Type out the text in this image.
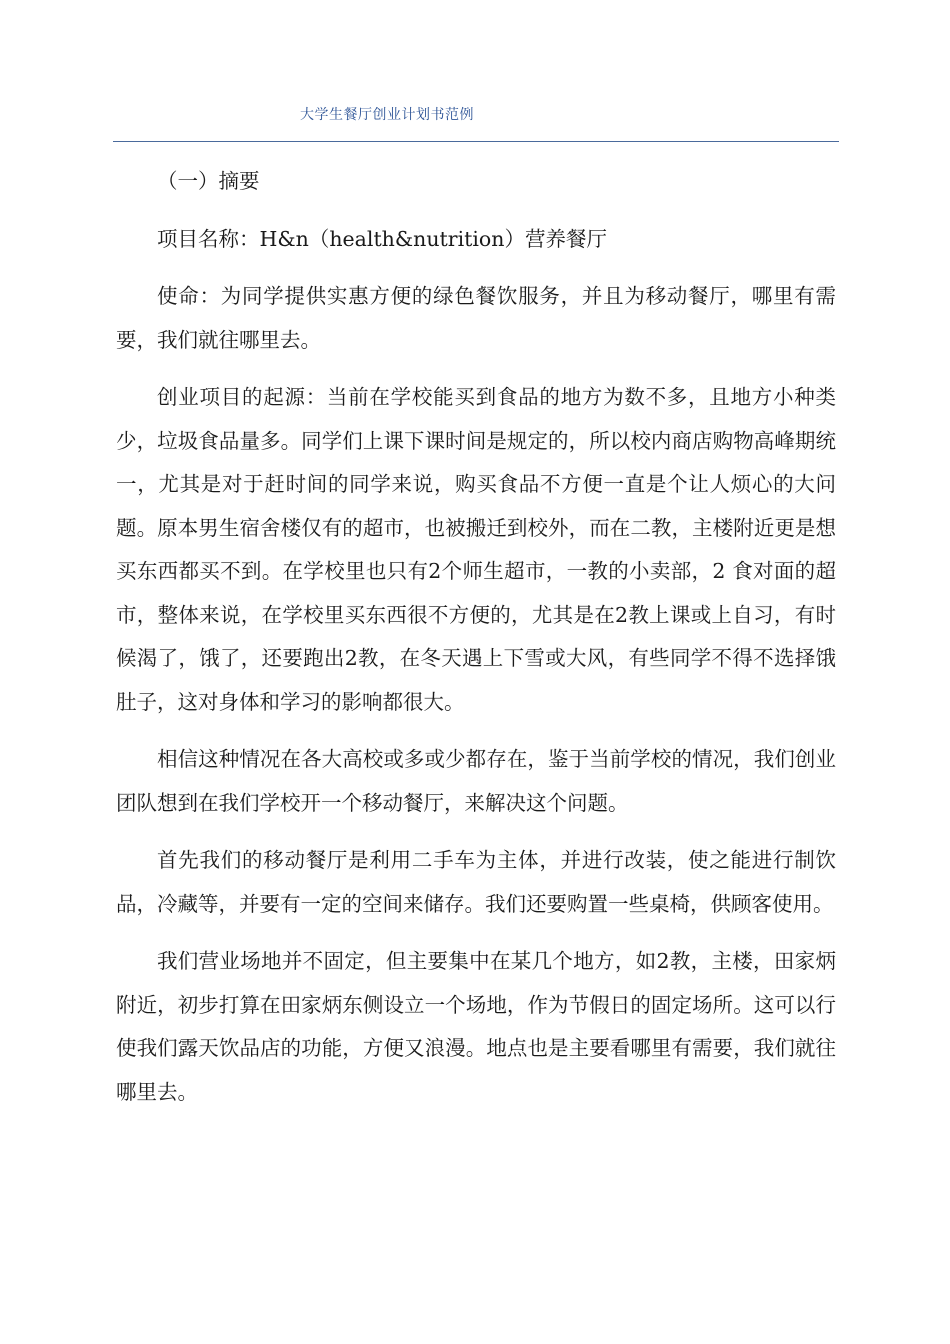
大学生餐厅创业计划书范例

（一）摘要

项目名称：H&n（health&nutrition）营养餐厅

使命：为同学提供实惠方便的绿色餐饮服务，并且为移动餐厅，哪里有需要，我们就往哪里去。

创业项目的起源：当前在学校能买到食品的地方为数不多，且地方小种类少，垃圾食品量多。同学们上课下课时间是规定的，所以校内商店购物高峰期统一，尤其是对于赶时间的同学来说，购买食品不方便一直是个让人烦心的大问题。原本男生宿舍楼仅有的超市，也被搬迁到校外，而在二教，主楼附近更是想买东西都买不到。在学校里也只有2个师生超市，一教的小卖部，2 食对面的超市，整体来说，在学校里买东西很不方便的，尤其是在2教上课或上自习，有时候渴了，饿了，还要跑出2教，在冬天遇上下雪或大风，有些同学不得不选择饿肚子，这对身体和学习的影响都很大。

相信这种情况在各大高校或多或少都存在，鉴于当前学校的情况，我们创业团队想到在我们学校开一个移动餐厅，来解决这个问题。

首先我们的移动餐厅是利用二手车为主体，并进行改装，使之能进行制饮品，冷藏等，并要有一定的空间来储存。我们还要购置一些桌椅，供顾客使用。

我们营业场地并不固定，但主要集中在某几个地方，如2教，主楼，田家炳附近，初步打算在田家炳东侧设立一个场地，作为节假日的固定场所。这可以行使我们露天饮品店的功能，方便又浪漫。地点也是主要看哪里有需要，我们就往哪里去。
